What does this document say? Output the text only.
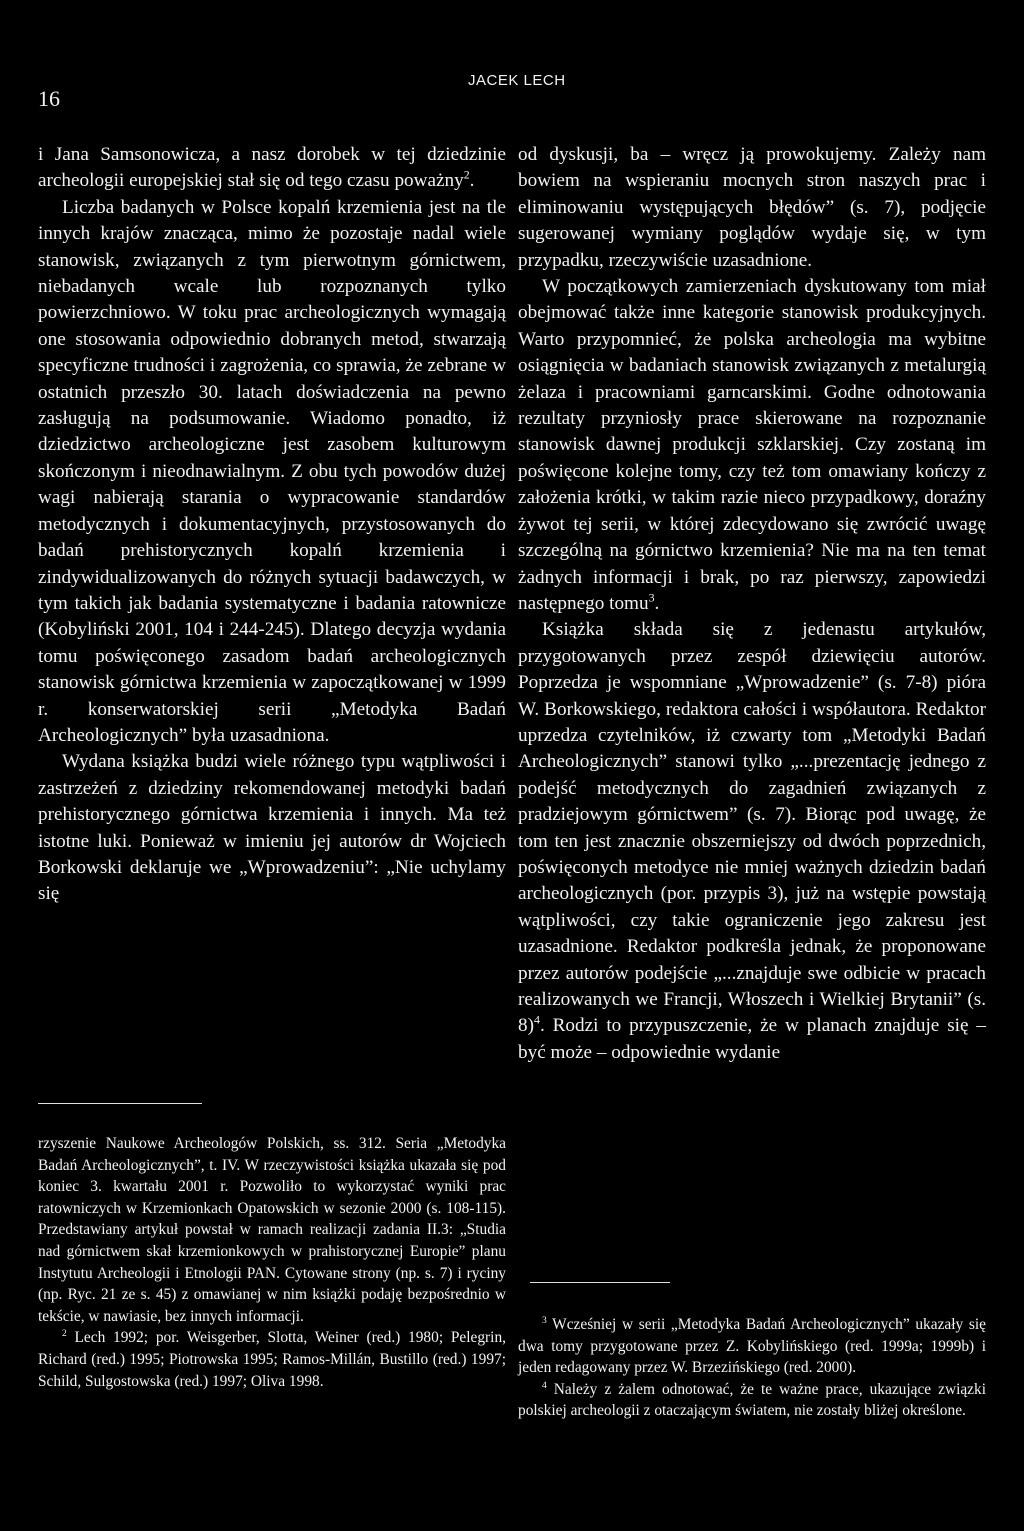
16
JACEK LECH

i Jana Samsonowicza, a nasz dorobek w tej dziedzinie archeologii europejskiej stał się od tego czasu poważny$^2$.

Liczba badanych w Polsce kopalń krzemienia jest na tle innych krajów znacząca, mimo że pozostaje nadal wiele stanowisk, związanych z tym pierwotnym górnictwem, niebadanych wcale lub rozpoznanych tylko powierzchniowo. W toku prac archeologicznych wymagają one stosowania odpowiednio dobranych metod, stwarzają specyficzne trudności i zagrożenia, co sprawia, że zebrane w ostatnich przeszło 30. latach doświadczenia na pewno zasługują na podsumowanie. Wiadomo ponadto, iż dziedzictwo archeologiczne jest zasobem kulturowym skończonym i nieodnawialnym. Z obu tych powodów dużej wagi nabierają starania o wypracowanie standardów metodycznych i dokumentacyjnych, przystosowanych do badań prehistorycznych kopalń krzemienia i zindywidualizowanych do różnych sytuacji badawczych, w tym takich jak badania systematyczne i badania ratownicze (Kobyliński 2001, 104 i 244-245). Dlatego decyzja wydania tomu poświęconego zasadom badań archeologicznych stanowisk górnictwa krzemienia w zapoczątkowanej w 1999 r. konserwatorskiej serii „Metodyka Badań Archeologicznych” była uzasadniona.

Wydana książka budzi wiele różnego typu wątpliwości i zastrzeżeń z dziedziny rekomendowanej metodyki badań prehistorycznego górnictwa krzemienia i innych. Ma też istotne luki. Ponieważ w imieniu jej autorów dr Wojciech Borkowski deklaruje we „Wprowadzeniu”: „Nie uchylamy się

rzyszenie Naukowe Archeologów Polskich, ss. 312. Seria „Metodyka Badań Archeologicznych”, t. IV. W rzeczywistości książka ukazała się pod koniec 3. kwartału 2001 r. Pozwoliło to wykorzystać wyniki prac ratowniczych w Krzemionkach Opatowskich w sezonie 2000 (s. 108-115). Przedstawiany artykuł powstał w ramach realizacji zadania II.3: „Studia nad górnictwem skał krzemionkowych w prahistorycznej Europie” planu Instytutu Archeologii i Etnologii PAN. Cytowane strony (np. s. 7) i ryciny (np. Ryc. 21 ze s. 45) z omawianej w nim książki podaję bezpośrednio w tekście, w nawiasie, bez innych informacji.

$^2$ Lech 1992; por. Weisgerber, Slotta, Weiner (red.) 1980; Pelegrin, Richard (red.) 1995; Piotrowska 1995; Ramos-Millán, Bustillo (red.) 1997; Schild, Sulgostowska (red.) 1997; Oliva 1998.

od dyskusji, ba – wręcz ją prowokujemy. Zależy nam bowiem na wspieraniu mocnych stron naszych prac i eliminowaniu występujących błędów” (s. 7), podjęcie sugerowanej wymiany poglądów wydaje się, w tym przypadku, rzeczywiście uzasadnione.

W początkowych zamierzeniach dyskutowany tom miał obejmować także inne kategorie stanowisk produkcyjnych. Warto przypomnieć, że polska archeologia ma wybitne osiągnięcia w badaniach stanowisk związanych z metalurgią żelaza i pracowniami garncarskimi. Godne odnotowania rezultaty przyniosły prace skierowane na rozpoznanie stanowisk dawnej produkcji szklarskiej. Czy zostaną im poświęcone kolejne tomy, czy też tom omawiany kończy z założenia krótki, w takim razie nieco przypadkowy, doraźny żywot tej serii, w której zdecydowano się zwrócić uwagę szczególną na górnictwo krzemienia? Nie ma na ten temat żadnych informacji i brak, po raz pierwszy, zapowiedzi następnego tomu$^3$.

Książka składa się z jedenastu artykułów, przygotowanych przez zespół dziewięciu autorów. Poprzedza je wspomniane „Wprowadzenie” (s. 7-8) pióra W. Borkowskiego, redaktora całości i współautora. Redaktor uprzedza czytelników, iż czwarty tom „Metodyki Badań Archeologicznych” stanowi tylko „...prezentację jednego z podejść metodycznych do zagadnień związanych z pradziejowym górnictwem” (s. 7). Biorąc pod uwagę, że tom ten jest znacznie obszerniejszy od dwóch poprzednich, poświęconych metodyce nie mniej ważnych dziedzin badań archeologicznych (por. przypis 3), już na wstępie powstają wątpliwości, czy takie ograniczenie jego zakresu jest uzasadnione. Redaktor podkreśla jednak, że proponowane przez autorów podejście „...znajduje swe odbicie w pracach realizowanych we Francji, Włoszech i Wielkiej Brytanii” (s. 8)$^4$. Rodzi to przypuszczenie, że w planach znajduje się – być może – odpowiednie wydanie

$^3$ Wcześniej w serii „Metodyka Badań Archeologicznych” ukazały się dwa tomy przygotowane przez Z. Kobylińskiego (red. 1999a; 1999b) i jeden redagowany przez W. Brzezińskiego (red. 2000).

$^4$ Należy z żalem odnotować, że te ważne prace, ukazujące związki polskiej archeologii z otaczającym światem, nie zostały bliżej określone.
